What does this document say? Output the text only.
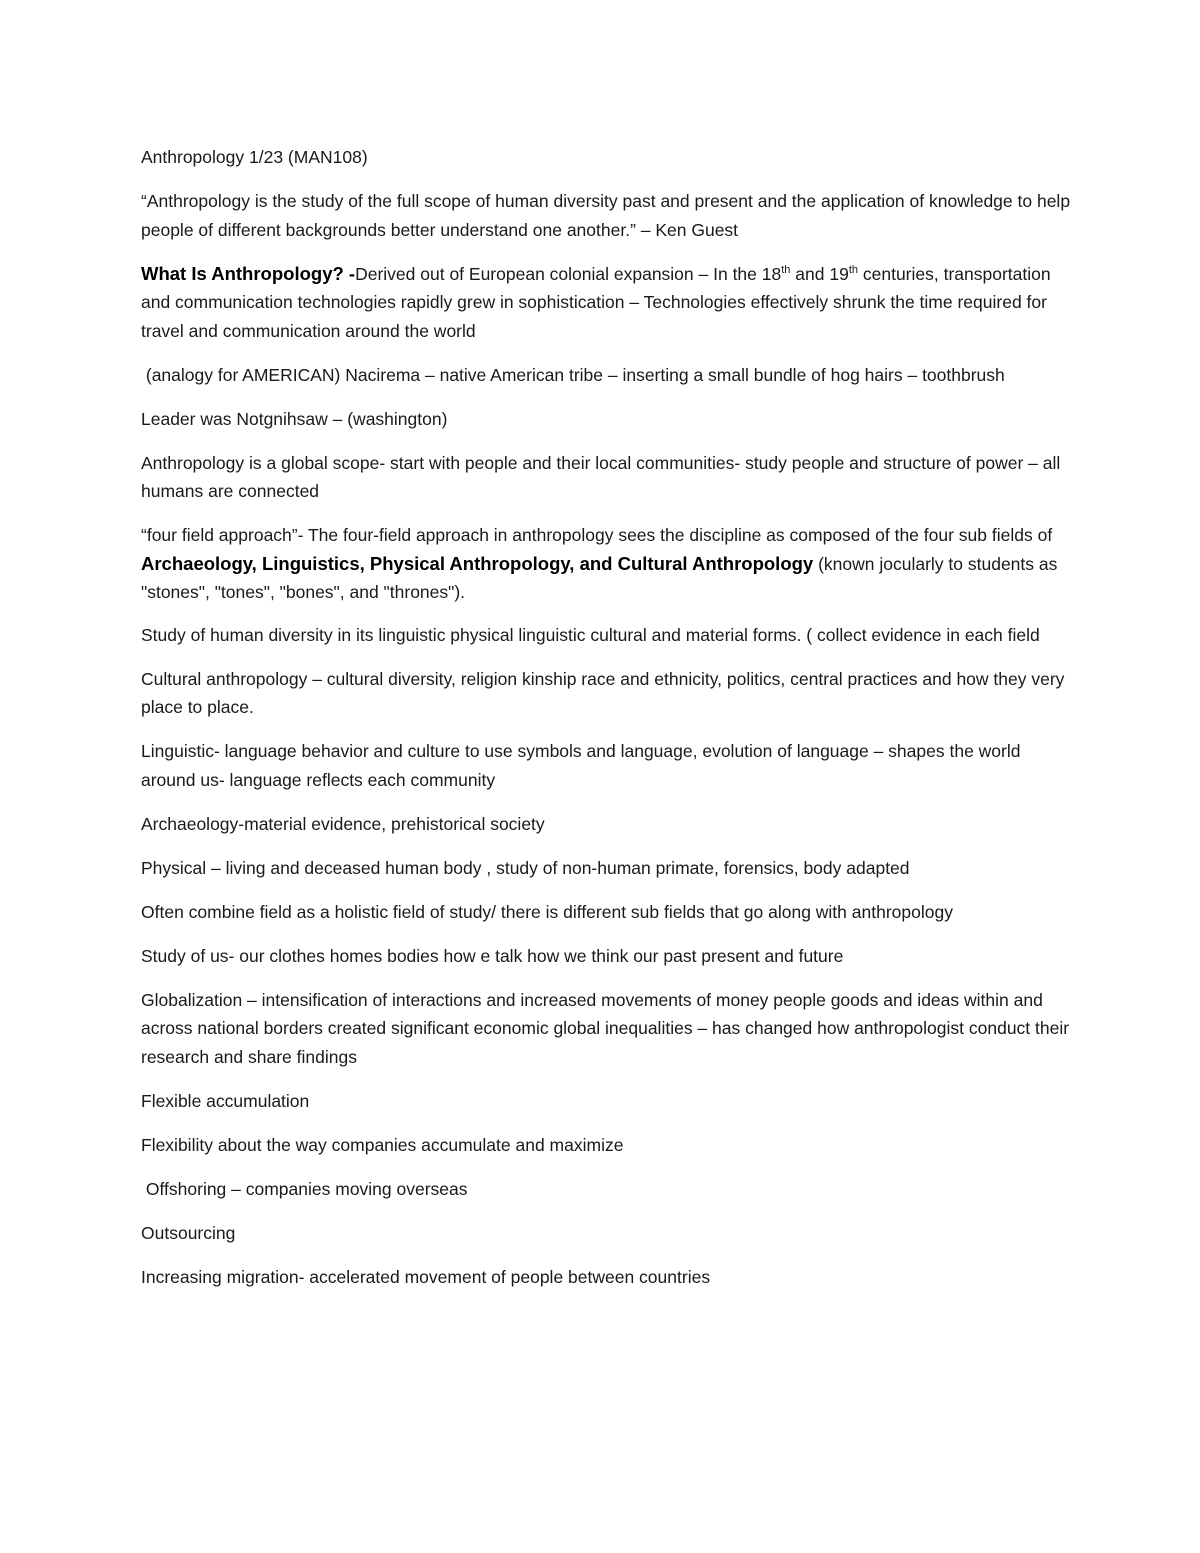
Anthropology 1/23 (MAN108)

“Anthropology is the study of the full scope of human diversity past and present and the application of knowledge to help people of different backgrounds better understand one another.” – Ken Guest

What Is Anthropology? -Derived out of European colonial expansion – In the 18th and 19th centuries, transportation and communication technologies rapidly grew in sophistication – Technologies effectively shrunk the time required for travel and communication around the world

(analogy for AMERICAN) Nacirema – native American tribe – inserting a small bundle of hog hairs – toothbrush

Leader was Notgnihsaw – (washington)

Anthropology is a global scope- start with people and their local communities- study people and structure of power – all humans are connected

“four field approach”- The four-field approach in anthropology sees the discipline as composed of the four sub fields of Archaeology, Linguistics, Physical Anthropology, and Cultural Anthropology (known jocularly to students as "stones", "tones", "bones", and "thrones").

Study of human diversity in its linguistic physical linguistic cultural and material forms. ( collect evidence in each field

Cultural anthropology – cultural diversity, religion kinship race and ethnicity, politics, central practices and how they very place to place.

Linguistic- language behavior and culture to use symbols and language, evolution of language – shapes the world around us- language reflects each community

Archaeology-material evidence, prehistorical society

Physical – living and deceased human body , study of non-human primate, forensics, body adapted

Often combine field as a holistic field of study/ there is different sub fields that go along with anthropology

Study of us- our clothes homes bodies how e talk how we think our past present and future

Globalization – intensification of interactions and increased movements of money people goods and ideas within and across national borders created significant economic global inequalities – has changed how anthropologist conduct their research and share findings

Flexible accumulation

Flexibility about the way companies accumulate and maximize

Offshoring – companies moving overseas

Outsourcing

Increasing migration- accelerated movement of people between countries
